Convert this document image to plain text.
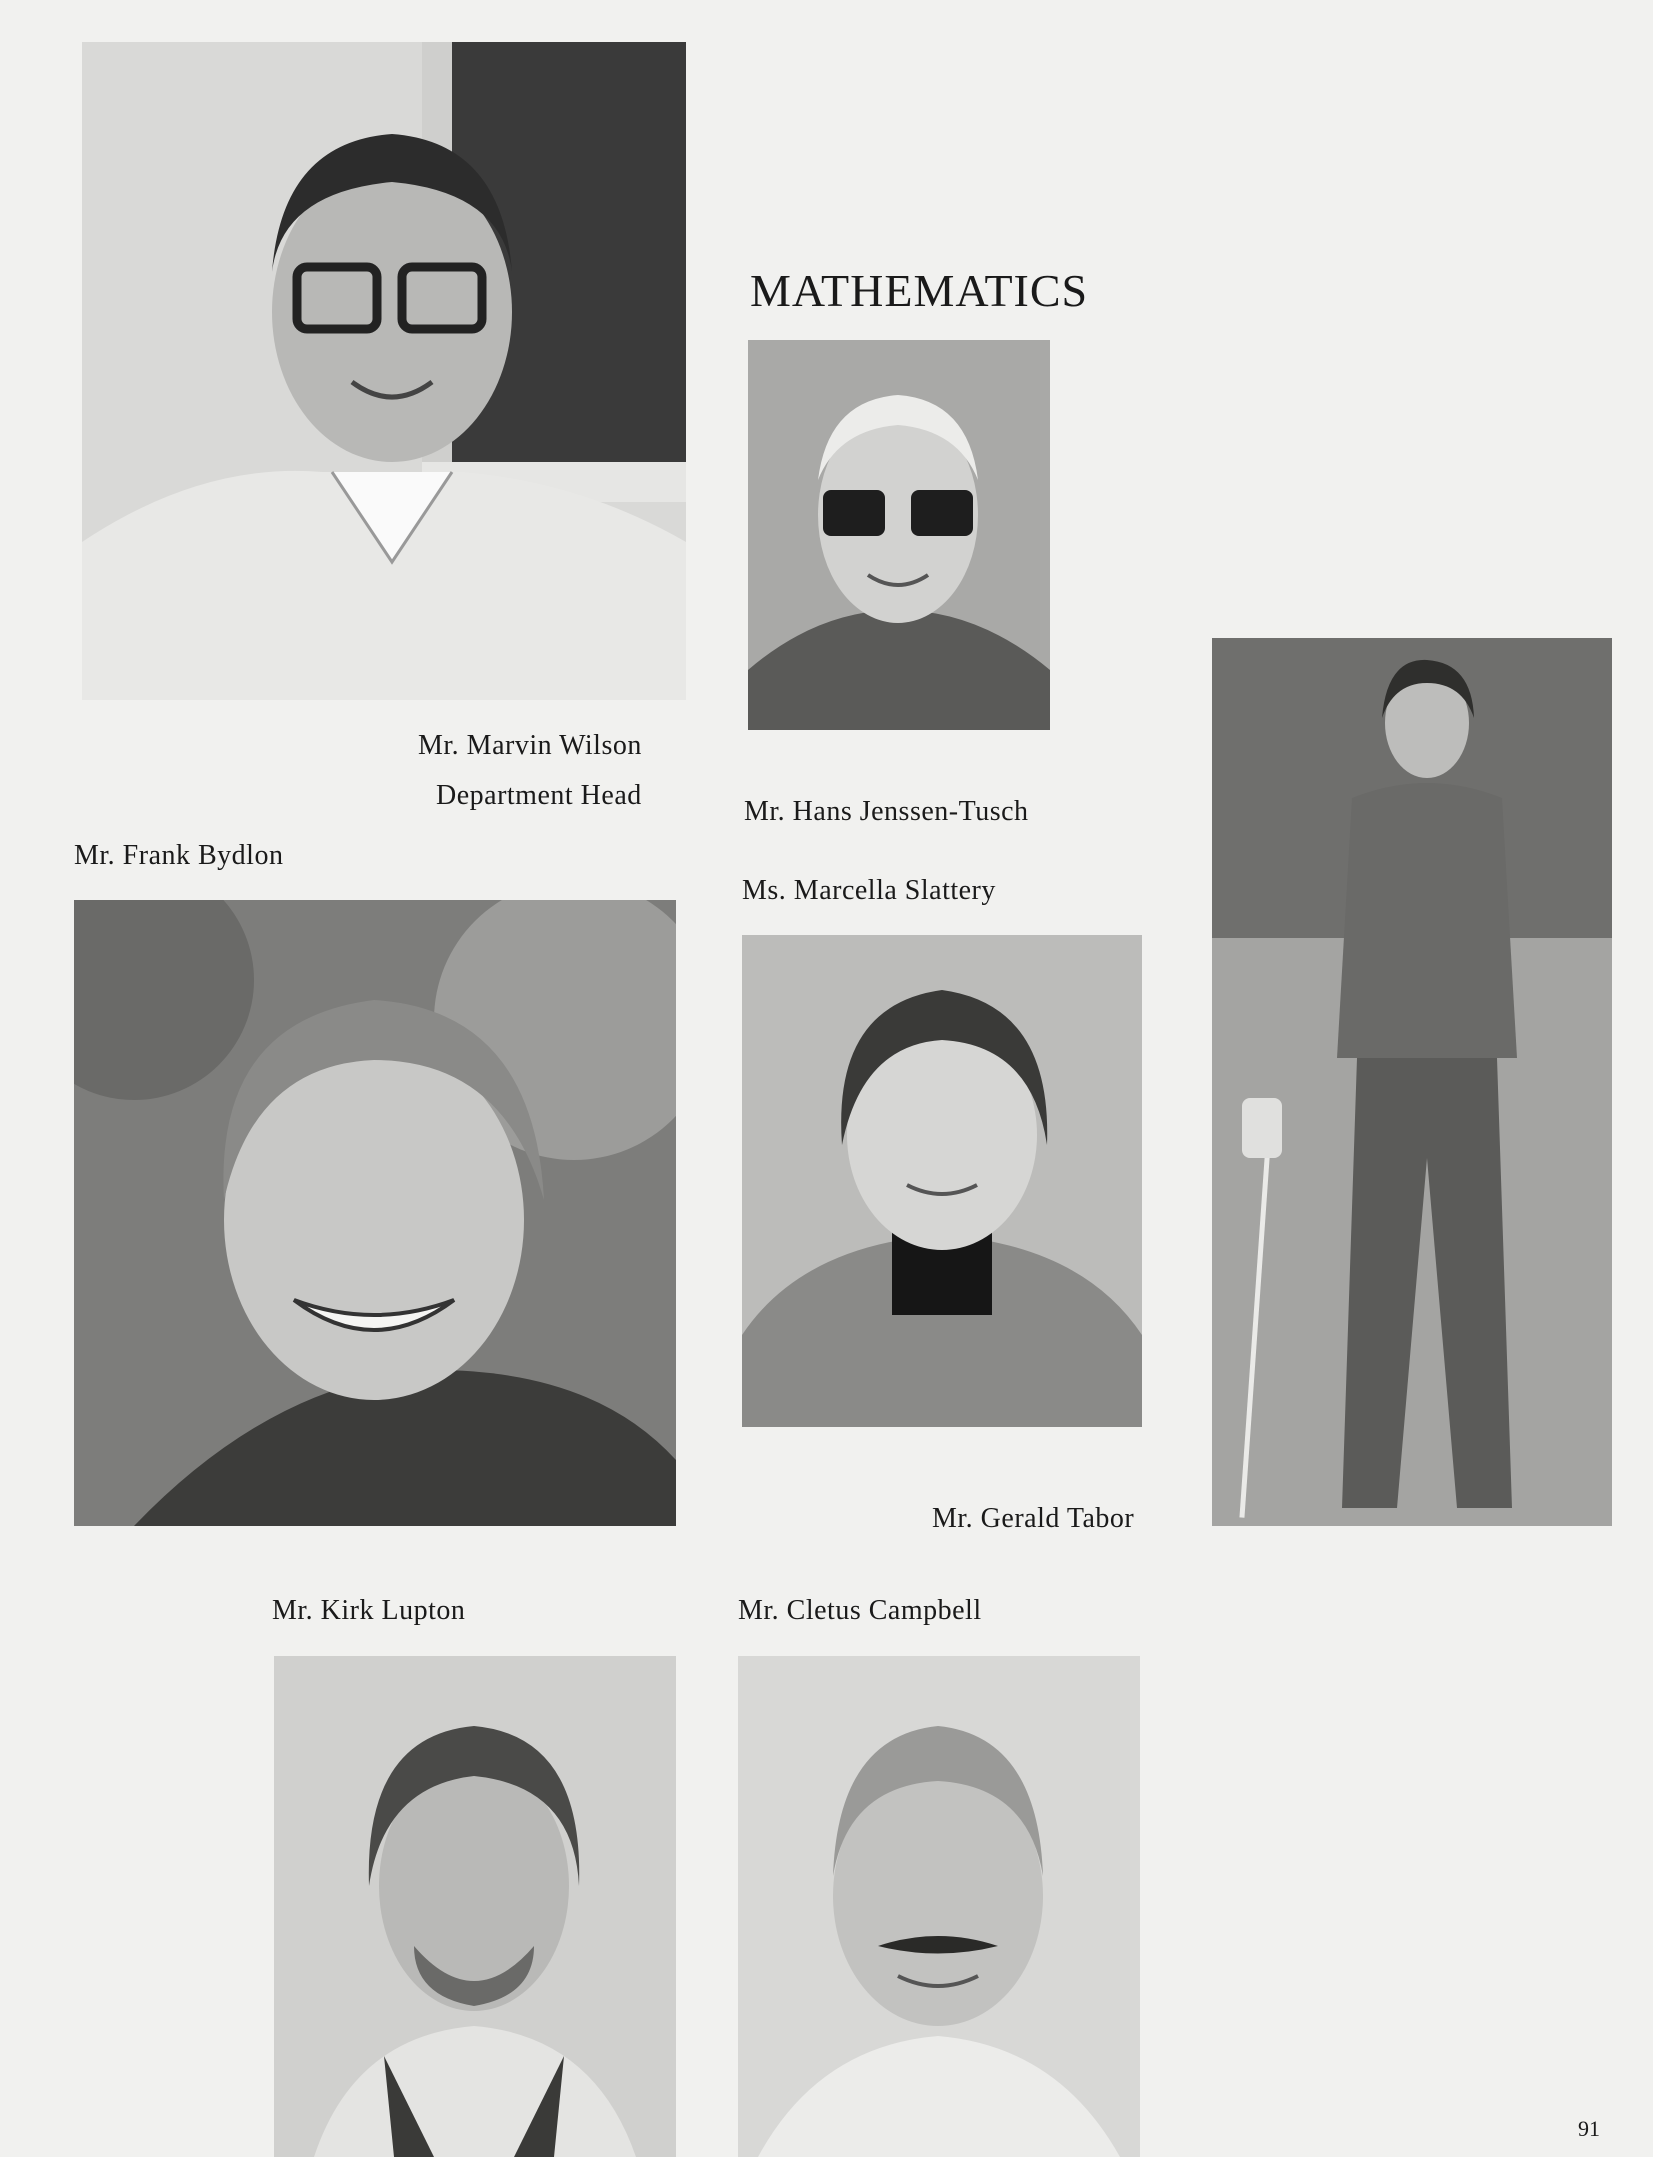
MATHEMATICS
Mr. Marvin Wilson
Department Head
Mr. Hans Jenssen-Tusch
Mr. Gerald Tabor
Mr. Frank Bydlon
Ms. Marcella Slattery
Mr. Kirk Lupton	Mr. Cletus Campbell
91
